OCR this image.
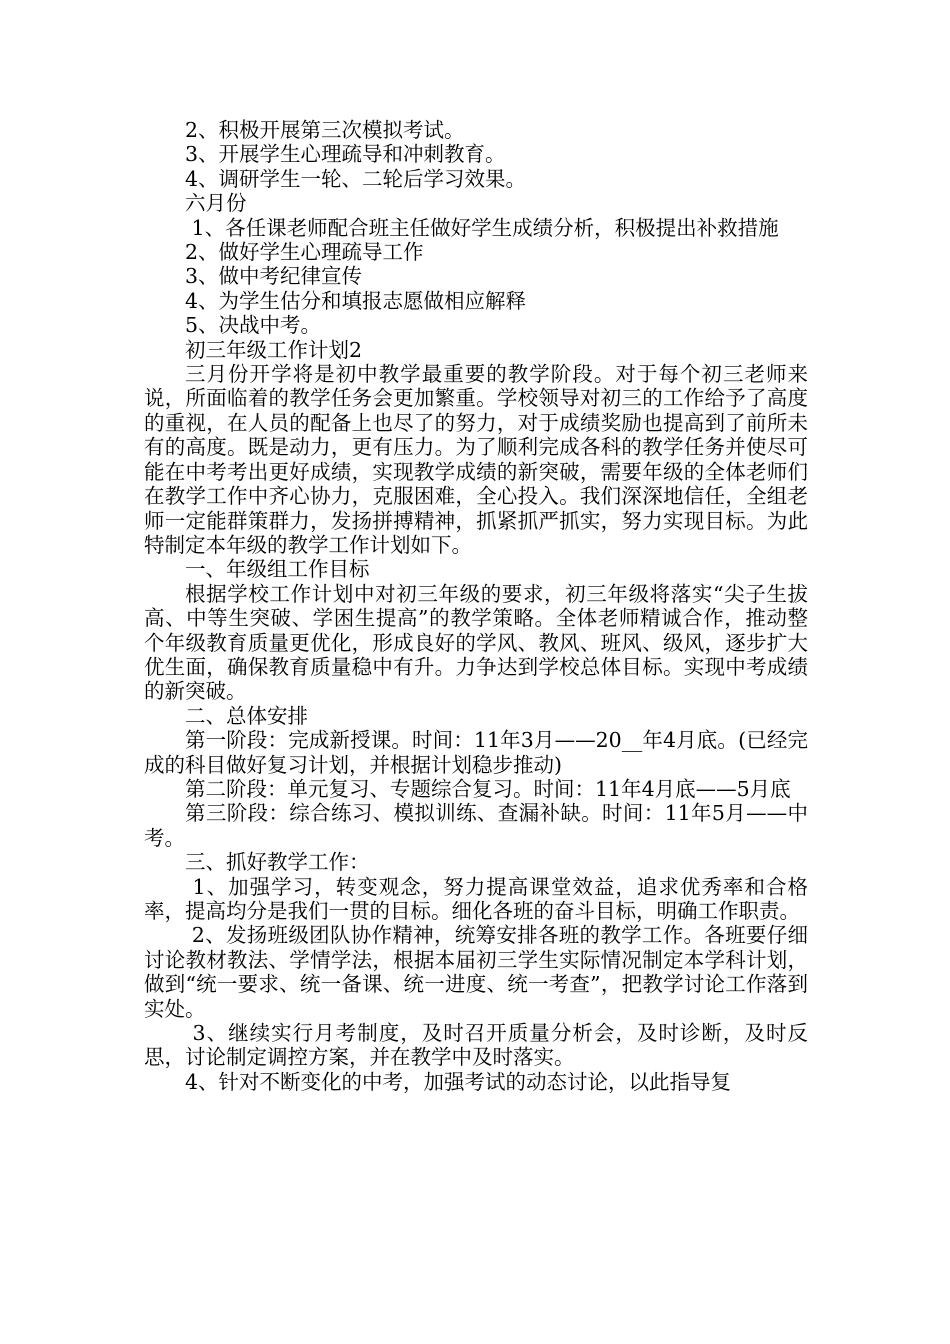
2、积极开展第三次模拟考试。

3、开展学生心理疏导和冲刺教育。

4、调研学生一轮、二轮后学习效果。

六月份

1、各任课老师配合班主任做好学生成绩分析，积极提出补救措施

2、做好学生心理疏导工作

3、做中考纪律宣传

4、为学生估分和填报志愿做相应解释

5、决战中考。

初三年级工作计划2

三月份开学将是初中教学最重要的教学阶段。对于每个初三老师来说，所面临着的教学任务会更加繁重。学校领导对初三的工作给予了高度的重视，在人员的配备上也尽了的努力，对于成绩奖励也提高到了前所未有的高度。既是动力，更有压力。为了顺利完成各科的教学任务并使尽可能在中考考出更好成绩，实现教学成绩的新突破，需要年级的全体老师们在教学工作中齐心协力，克服困难，全心投入。我们深深地信任，全组老师一定能群策群力，发扬拼搏精神，抓紧抓严抓实，努力实现目标。为此特制定本年级的教学工作计划如下。

一、年级组工作目标

根据学校工作计划中对初三年级的要求，初三年级将落实“尖子生拔高、中等生突破、学困生提高”的教学策略。全体老师精诚合作，推动整个年级教育质量更优化，形成良好的学风、教风、班风、级风，逐步扩大优生面，确保教育质量稳中有升。力争达到学校总体目标。实现中考成绩的新突破。

二、总体安排

第一阶段：完成新授课。时间：11年3月——20__年4月底。(已经完成的科目做好复习计划，并根据计划稳步推动)

第二阶段：单元复习、专题综合复习。时间：11年4月底——5月底

第三阶段：综合练习、模拟训练、查漏补缺。时间：11年5月——中考。

三、抓好教学工作：

1、加强学习，转变观念，努力提高课堂效益，追求优秀率和合格率，提高均分是我们一贯的目标。细化各班的奋斗目标，明确工作职责。

2、发扬班级团队协作精神，统筹安排各班的教学工作。各班要仔细讨论教材教法、学情学法，根据本届初三学生实际情况制定本学科计划，做到“统一要求、统一备课、统一进度、统一考查”，把教学讨论工作落到实处。

3、继续实行月考制度，及时召开质量分析会，及时诊断，及时反思，讨论制定调控方案，并在教学中及时落实。

4、针对不断变化的中考，加强考试的动态讨论，以此指导复
